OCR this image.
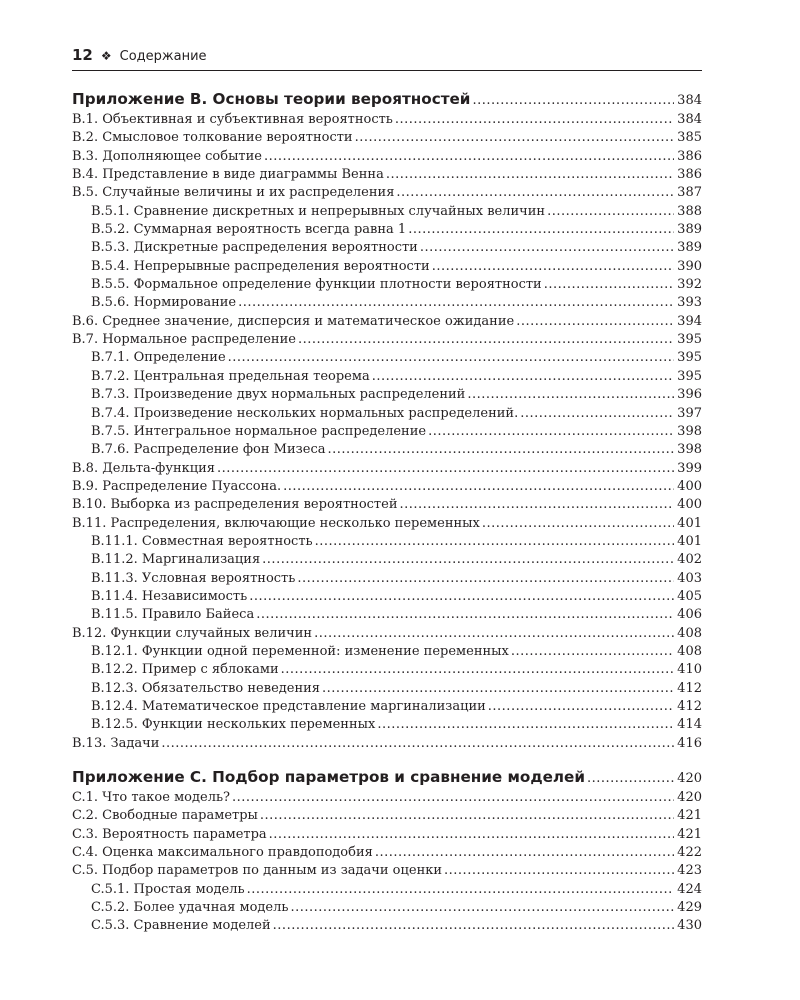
12 ❖ Содержание
Приложение B. Основы теории вероятностей .....	384
B.1. Объективная и субъективная вероятность .....	384
B.2. Смысловое толкование вероятности .....	385
B.3. Дополняющее событие .....	386
B.4. Представление в виде диаграммы Венна .....	386
B.5. Случайные величины и их распределения .....	387
B.5.1. Сравнение дискретных и непрерывных случайных величин .....	388
B.5.2. Суммарная вероятность всегда равна 1 .....	389
B.5.3. Дискретные распределения вероятности .....	389
B.5.4. Непрерывные распределения вероятности .....	390
B.5.5. Формальное определение функции плотности вероятности .....	392
B.5.6. Нормирование .....	393
B.6. Среднее значение, дисперсия и математическое ожидание .....	394
B.7. Нормальное распределение .....	395
B.7.1. Определение .....	395
B.7.2. Центральная предельная теорема .....	395
B.7.3. Произведение двух нормальных распределений .....	396
B.7.4. Произведение нескольких нормальных распределений. .....	397
B.7.5. Интегральное нормальное распределение .....	398
B.7.6. Распределение фон Мизеса .....	398
B.8. Дельта-функция .....	399
B.9. Распределение Пуассона. .....	400
B.10. Выборка из распределения вероятностей .....	400
B.11. Распределения, включающие несколько переменных .....	401
B.11.1. Совместная вероятность .....	401
B.11.2. Маргинализация .....	402
B.11.3. Условная вероятность .....	403
B.11.4. Независимость .....	405
B.11.5. Правило Байеса .....	406
B.12. Функции случайных величин .....	408
B.12.1. Функции одной переменной: изменение переменных .....	408
B.12.2. Пример с яблоками .....	410
B.12.3. Обязательство неведения .....	412
B.12.4. Математическое представление маргинализации .....	412
B.12.5. Функции нескольких переменных .....	414
B.13. Задачи .....	416
Приложение C. Подбор параметров и сравнение моделей .....	420
C.1. Что такое модель? .....	420
C.2. Свободные параметры .....	421
C.3. Вероятность параметра .....	421
C.4. Оценка максимального правдоподобия .....	422
C.5. Подбор параметров по данным из задачи оценки .....	423
C.5.1. Простая модель .....	424
C.5.2. Более удачная модель .....	429
C.5.3. Сравнение моделей .....	430
